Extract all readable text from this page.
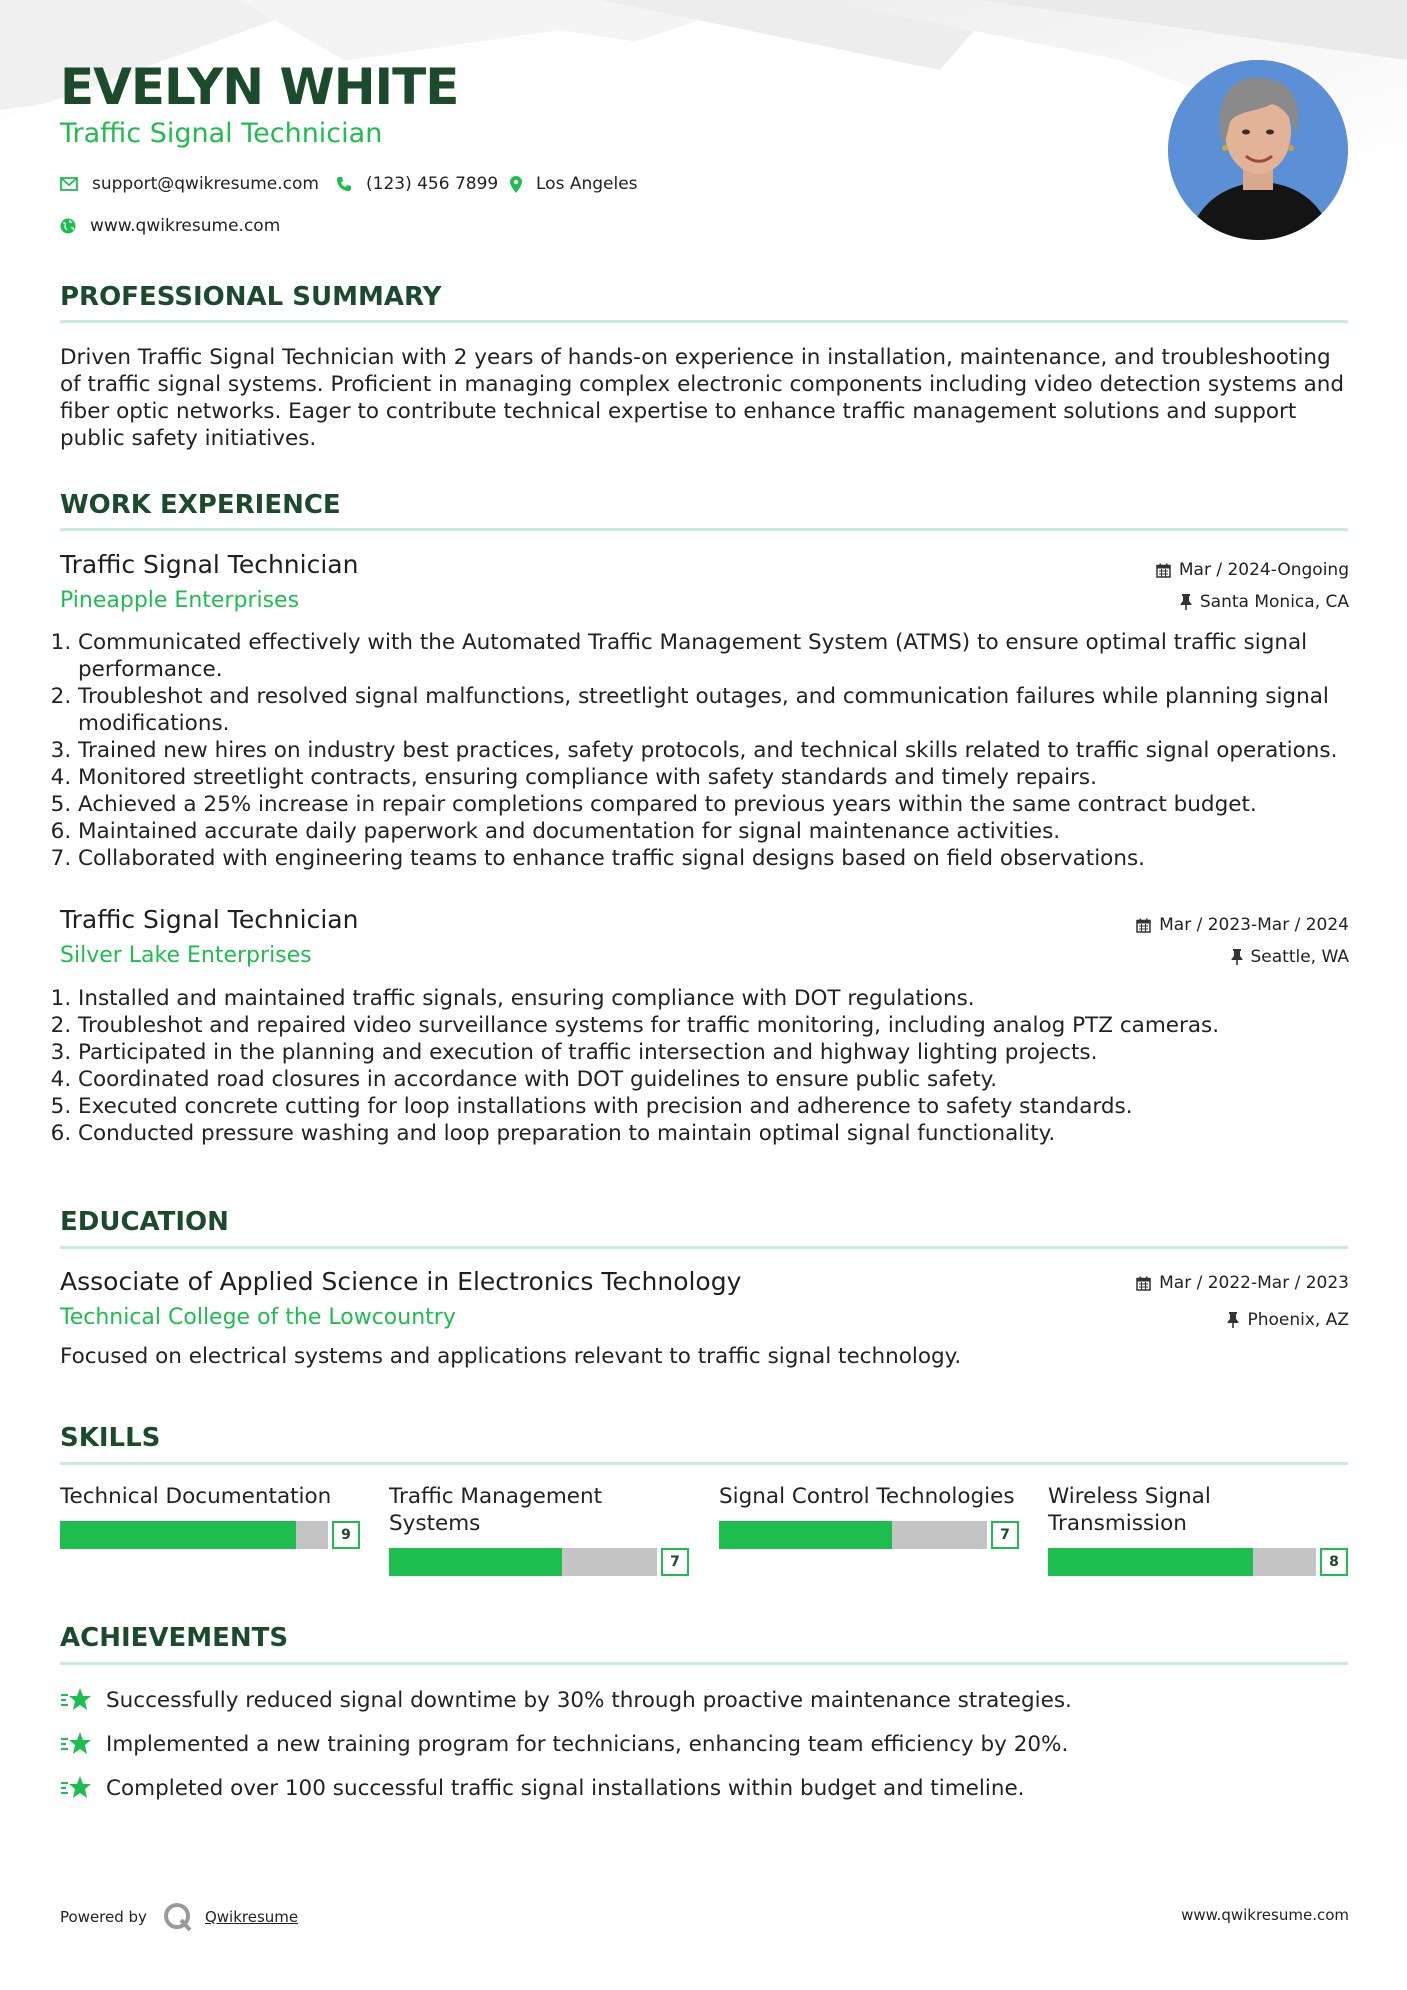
EVELYN WHITE
Traffic Signal Technician
support@qwikresume.com	(123) 456 7899 Los Angeles
www.qwikresume.com
PROFESSIONAL SUMMARY
Driven Traffic Signal Technician with 2 years of hands-on experience in installation, maintenance, and troubleshooting of traffic signal systems. Proficient in managing complex electronic components including video detection systems and fiber optic networks. Eager to contribute technical expertise to enhance traffic management solutions and support public safety initiatives.
WORK EXPERIENCE
Traffic Signal Technician
Pineapple Enterprises
Mar / 2024-Ongoing
Santa Monica, CA
1. Communicated effectively with the Automated Traffic Management System (ATMS) to ensure optimal traffic signal performance.
2. Troubleshot and resolved signal malfunctions, streetlight outages, and communication failures while planning signal modifications.
3. Trained new hires on industry best practices, safety protocols, and technical skills related to traffic signal operations.
4. Monitored streetlight contracts, ensuring compliance with safety standards and timely repairs.
5. Achieved a 25% increase in repair completions compared to previous years within the same contract budget.
6. Maintained accurate daily paperwork and documentation for signal maintenance activities.
7. Collaborated with engineering teams to enhance traffic signal designs based on field observations.
Traffic Signal Technician
Silver Lake Enterprises
Mar / 2023-Mar / 2024
Seattle, WA
1. Installed and maintained traffic signals, ensuring compliance with DOT regulations.
2. Troubleshot and repaired video surveillance systems for traffic monitoring, including analog PTZ cameras.
3. Participated in the planning and execution of traffic intersection and highway lighting projects.
4. Coordinated road closures in accordance with DOT guidelines to ensure public safety.
5. Executed concrete cutting for loop installations with precision and adherence to safety standards.
6. Conducted pressure washing and loop preparation to maintain optimal signal functionality.
EDUCATION
Associate of Applied Science in Electronics Technology
Technical College of the Lowcountry
Mar / 2022-Mar / 2023
Phoenix, AZ
Focused on electrical systems and applications relevant to traffic signal technology.
SKILLS
Technical Documentation
9
Traffic Management Systems
7
Signal Control Technologies
7
Wireless Signal Transmission
8
ACHIEVEMENTS
Successfully reduced signal downtime by 30% through proactive maintenance strategies.
Implemented a new training program for technicians, enhancing team efficiency by 20%.
Completed over 100 successful traffic signal installations within budget and timeline.
Powered by	Qwikresume	www.qwikresume.com
